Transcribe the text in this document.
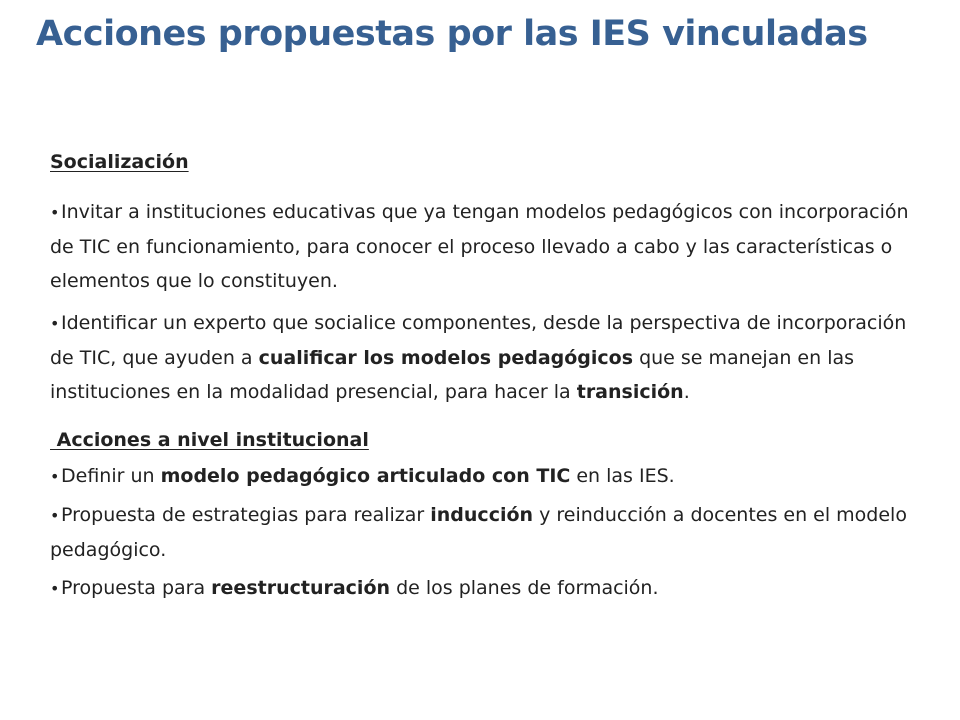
Acciones propuestas por las IES vinculadas

Socialización

•Invitar a instituciones educativas que ya tengan modelos pedagógicos con incorporación de TIC en funcionamiento, para conocer el proceso llevado a cabo y las características o elementos que lo constituyen.
•Identificar un experto que socialice componentes, desde la perspectiva de incorporación de TIC, que ayuden a cualificar los modelos pedagógicos que se manejan en las instituciones en la modalidad presencial, para hacer la transición.

Acciones a nivel institucional

•Definir un modelo pedagógico articulado con TIC en las IES.
•Propuesta de estrategias para realizar inducción y reinducción a docentes en el modelo pedagógico.
•Propuesta para reestructuración de los planes de formación.
